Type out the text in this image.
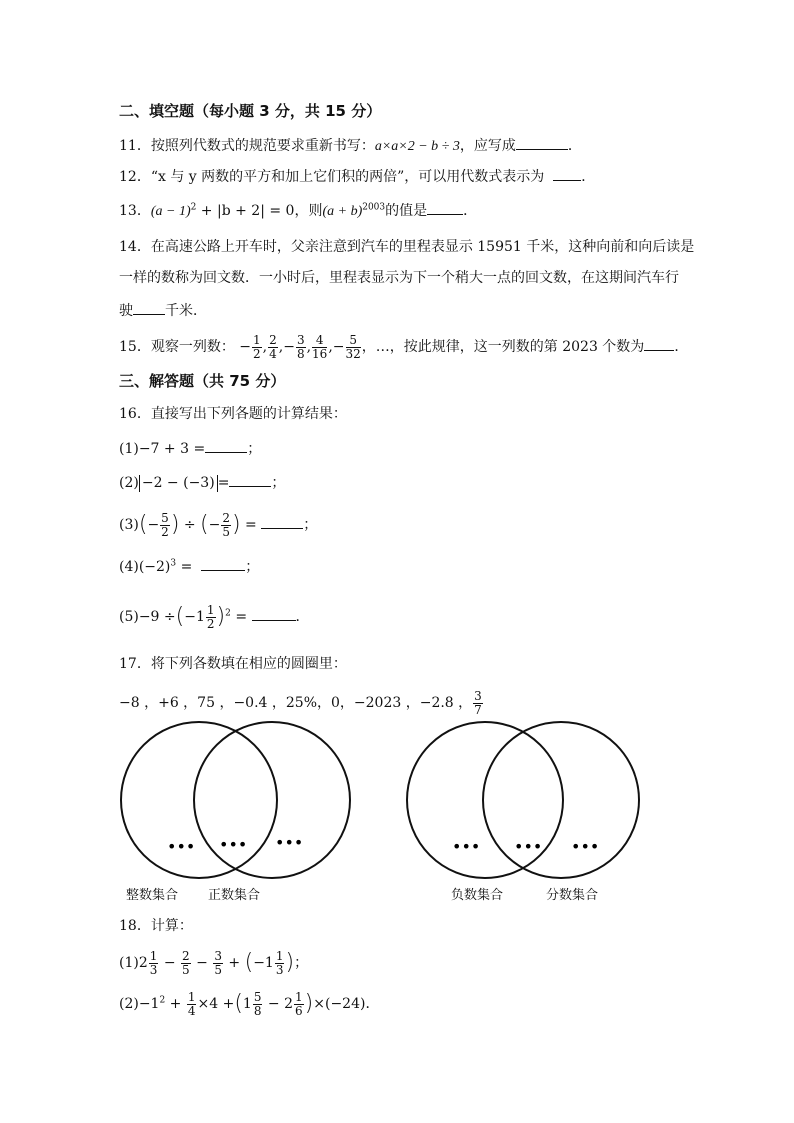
二、填空题（每小题 3 分，共 15 分）
11．按照列代数式的规范要求重新书写：a×a×2 − b ÷ 3，应写成	．
12．“x 与 y 两数的平方和加上它们积的两倍”，可以用代数式表示为	．
13．$(a - 1)^2 + |b + 2| = 0$，则$(a + b)^{2003}$的值是	．
14．在高速公路上开车时，父亲注意到汽车的里程表显示 15951 千米，这种向前和向后读是
一样的数称为回文数．一小时后，里程表显示为下一个稍大一点的回文数，在这期间汽车行
驶 千米．
15．观察一列数： − $\frac{1}{2}$ , $\frac{2}{4}$ ,− $\frac{3}{8}$ , $\frac{4}{16}$ ,− $\frac{5}{32}$ ，…，按此规律，这一列数的第 2023 个数为 ．
三、解答题（共 75 分）
16．直接写出下列各题的计算结果：
(1)−7 + 3 =	；
(2) −2 − (−3) =	；
$(3)(- \frac{5}{2}$ ) ÷ (− $\frac{2}{5}$ ) =	；
$(4)(-2)^3$ =	；
$(5)-9 \div(-1 \frac{1}{2} )^2$ =	．
17．将下列各数填在相应的圆圈里：
−8 ，+6 ，75 ，−0.4 ，25%，0，−2023 ，−2.8 ， $\frac{3}{7}$
••• ••• •••	••• ••• •••
整数集合 正数集合	负数集合	分数集合
18．计算：
$(1)2 \frac{1}{3} - \frac{2}{5} - \frac{3}{5} + (-1 \frac{1}{3}$ )；
$(2)-1^2 + \frac{1}{4} \times 4 +(1 \frac{5}{8} - 2 \frac{1}{6} )\times(-24)$．
